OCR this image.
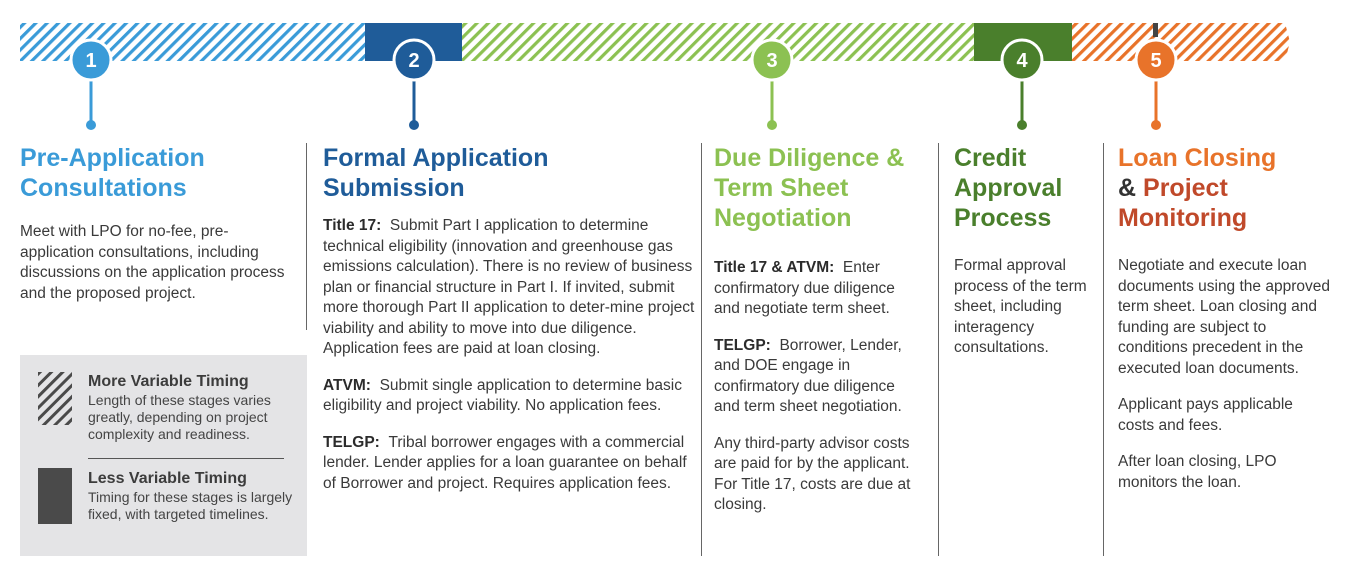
1	2	3	4	5
Pre-Application Consultations

Meet with LPO for no-fee, pre-application consultations, including discussions on the application process and the proposed project.

More Variable Timing
Length of these stages varies greatly, depending on project complexity and readiness.
Less Variable Timing
Timing for these stages is largely fixed, with targeted timelines.
Formal Application Submission

Title 17: Submit Part I application to determine technical eligibility (innovation and greenhouse gas emissions calculation). There is no review of business plan or financial structure in Part I. If invited, submit more thorough Part II application to deter-mine project viability and ability to move into due diligence. Application fees are paid at loan closing.

ATVM: Submit single application to determine basic eligibility and project viability. No application fees.

TELGP: Tribal borrower engages with a commercial lender. Lender applies for a loan guarantee on behalf of Borrower and project. Requires application fees.

Due Diligence & Term Sheet Negotiation

Title 17 & ATVM: Enter confirmatory due diligence and negotiate term sheet.

TELGP: Borrower, Lender, and DOE engage in confirmatory due diligence and term sheet negotiation.

Any third-party advisor costs are paid for by the applicant. For Title 17, costs are due at closing.

Credit Approval Process

Formal approval process of the term sheet, including interagency consultations.

Loan Closing
& Project Monitoring

Negotiate and execute loan documents using the approved term sheet. Loan closing and funding are subject to conditions precedent in the executed loan documents.

Applicant pays applicable costs and fees.

After loan closing, LPO monitors the loan.
